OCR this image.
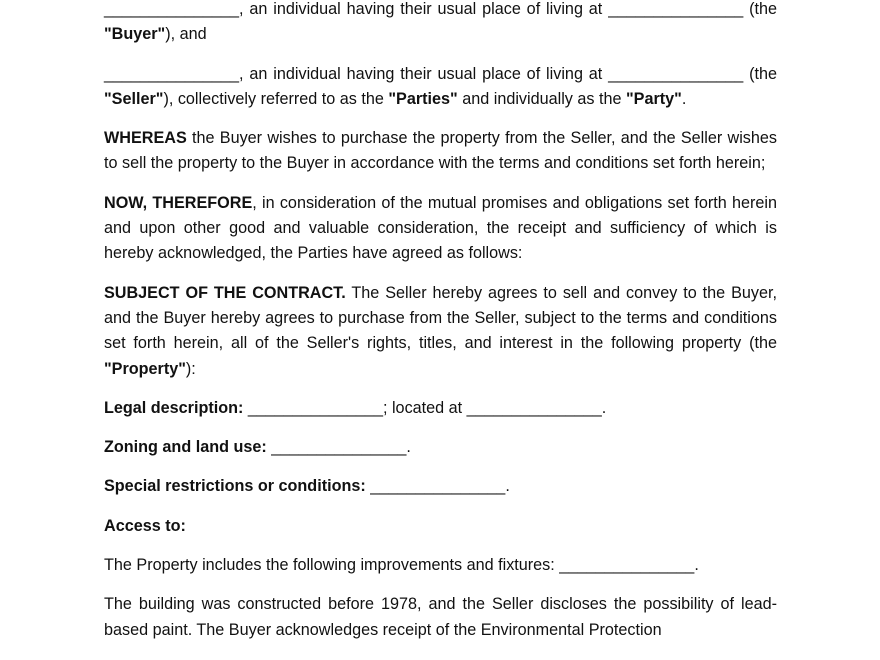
_______________, an individual having their usual place of living at _______________ (the "Buyer"), and

_______________, an individual having their usual place of living at _______________ (the "Seller"), collectively referred to as the "Parties" and individually as the "Party".

WHEREAS the Buyer wishes to purchase the property from the Seller, and the Seller wishes to sell the property to the Buyer in accordance with the terms and conditions set forth herein;

NOW, THEREFORE, in consideration of the mutual promises and obligations set forth herein and upon other good and valuable consideration, the receipt and sufficiency of which is hereby acknowledged, the Parties have agreed as follows:

SUBJECT OF THE CONTRACT. The Seller hereby agrees to sell and convey to the Buyer, and the Buyer hereby agrees to purchase from the Seller, subject to the terms and conditions set forth herein, all of the Seller's rights, titles, and interest in the following property (the "Property"):

Legal description: _______________; located at _______________.

Zoning and land use: _______________.

Special restrictions or conditions: _______________.

Access to:

The Property includes the following improvements and fixtures: _______________.

The building was constructed before 1978, and the Seller discloses the possibility of lead-based paint. The Buyer acknowledges receipt of the Environmental Protection
